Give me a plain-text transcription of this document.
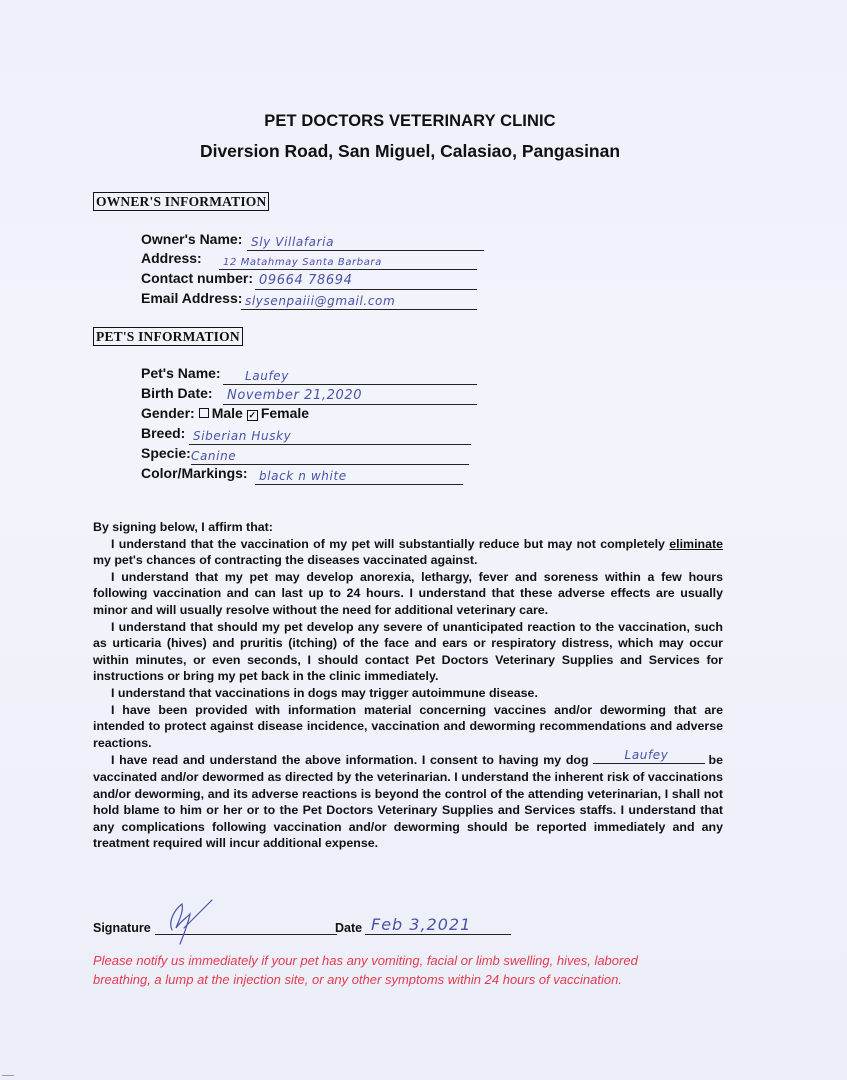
PET DOCTORS VETERINARY CLINIC
Diversion Road, San Miguel, Calasiao, Pangasinan
OWNER'S INFORMATION
Owner's Name: Sly Villafaria
Address: 12 Matahmay Santa Barbara
Contact number: 09664 78694
Email Address: slysenpaiii@gmail.com
PET'S INFORMATION
Pet's Name: Laufey
Birth Date: November 21,2020
Gender: Male ✓ Female
Breed: Siberian Husky
Specie: Canine
Color/Markings: black n white

By signing below, I affirm that:

I understand that the vaccination of my pet will substantially reduce but may not completely eliminate my pet's chances of contracting the diseases vaccinated against.

I understand that my pet may develop anorexia, lethargy, fever and soreness within a few hours following vaccination and can last up to 24 hours. I understand that these adverse effects are usually minor and will usually resolve without the need for additional veterinary care.

I understand that should my pet develop any severe of unanticipated reaction to the vaccination, such as urticaria (hives) and pruritis (itching) of the face and ears or respiratory distress, which may occur within minutes, or even seconds, I should contact Pet Doctors Veterinary Supplies and Services for instructions or bring my pet back in the clinic immediately.

I understand that vaccinations in dogs may trigger autoimmune disease.

I have been provided with information material concerning vaccines and/or deworming that are intended to protect against disease incidence, vaccination and deworming recommendations and adverse reactions.

I have read and understand the above information. I consent to having my dog	Laufey	be vaccinated and/or dewormed as directed by the veterinarian. I understand the inherent risk of vaccinations and/or deworming, and its adverse reactions is beyond the control of the attending veterinarian, I shall not hold blame to him or her or to the Pet Doctors Veterinary Supplies and Services staffs. I understand that any complications following vaccination and/or deworming should be reported immediately and any treatment required will incur additional expense.

Signature	Date Feb 3,2021
Please notify us immediately if your pet has any vomiting, facial or limb swelling, hives, labored breathing, a lump at the injection site, or any other symptoms within 24 hours of vaccination.
